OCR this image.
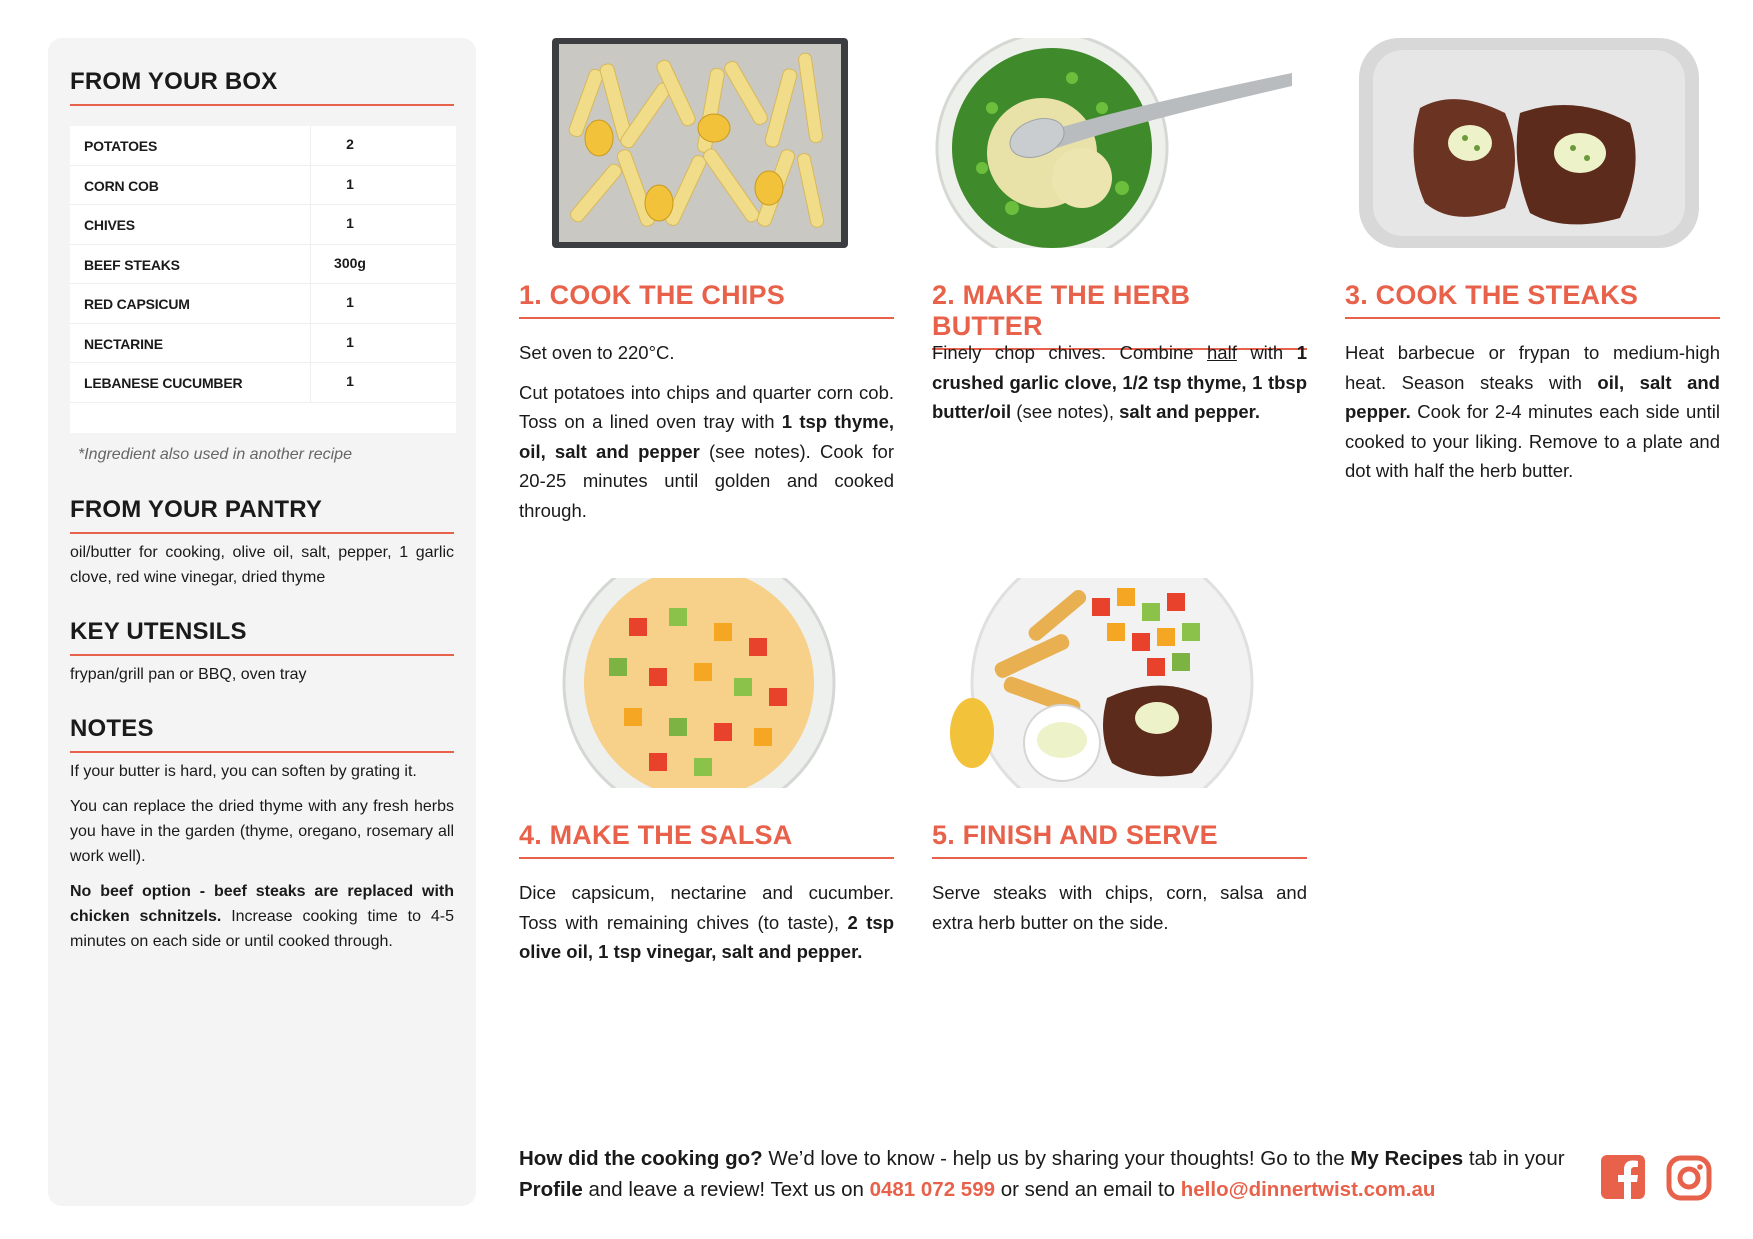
FROM YOUR BOX
POTATOES	2
CORN COB	1
CHIVES	1
BEEF STEAKS	300g
RED CAPSICUM	1
NECTARINE	1
LEBANESE CUCUMBER	1
*Ingredient also used in another recipe
FROM YOUR PANTRY
oil/butter for cooking, olive oil, salt, pepper, 1 garlic clove, red wine vinegar, dried thyme
KEY UTENSILS
frypan/grill pan or BBQ, oven tray
NOTES

If your butter is hard, you can soften by grating it.

You can replace the dried thyme with any fresh herbs you have in the garden (thyme, oregano, rosemary all work well).

No beef option - beef steaks are replaced with chicken schnitzels. Increase cooking time to 4-5 minutes on each side or until cooked through.

1. COOK THE CHIPS

Set oven to 220°C.

Cut potatoes into chips and quarter corn cob. Toss on a lined oven tray with 1 tsp thyme, oil, salt and pepper (see notes). Cook for 20-25 minutes until golden and cooked through.

2. MAKE THE HERB BUTTER

Finely chop chives. Combine half with 1 crushed garlic clove, 1/2 tsp thyme, 1 tbsp butter/oil (see notes), salt and pepper.

3. COOK THE STEAKS

Heat barbecue or frypan to medium-high heat. Season steaks with oil, salt and pepper. Cook for 2-4 minutes each side until cooked to your liking. Remove to a plate and dot with half the herb butter.

4. MAKE THE SALSA

Dice capsicum, nectarine and cucumber. Toss with remaining chives (to taste), 2 tsp olive oil, 1 tsp vinegar, salt and pepper.

5. FINISH AND SERVE

Serve steaks with chips, corn, salsa and extra herb butter on the side.

How did the cooking go? We’d love to know - help us by sharing your thoughts! Go to the My Recipes tab in your Profile and leave a review! Text us on 0481 072 599 or send an email to hello@dinnertwist.com.au
